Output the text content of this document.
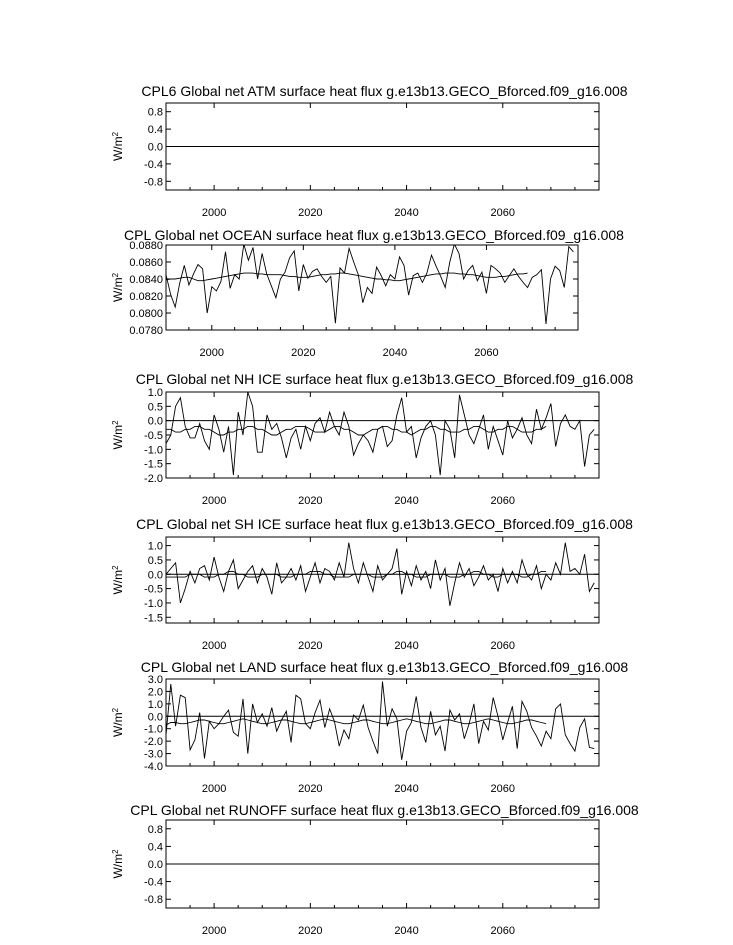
CPL6 Global net ATM surface heat flux g.e13b13.GECO_Bforced.f09_g16.008
0.8
0.4
0.0
-0.4
-0.8
2000	2020	2040	2060
$W/m^2$
CPL Global net OCEAN surface heat flux g.e13b13.GECO_Bforced.f09_g16.008
0.0880
0.0860
0.0840
0.0820
0.0800
0.0780
2000	2020	2040	2060
$W/m^2$
CPL Global net NH ICE surface heat flux g.e13b13.GECO_Bforced.f09_g16.008
1.0
0.5
0.0
-0.5
-1.0
-1.5
-2.0
2000	2020	2040	2060
$W/m^2$
CPL Global net SH ICE surface heat flux g.e13b13.GECO_Bforced.f09_g16.008
1.0
0.5
0.0
-0.5
-1.0
-1.5
2000	2020	2040	2060
$W/m^2$
CPL Global net LAND surface heat flux g.e13b13.GECO_Bforced.f09_g16.008
3.0
2.0
1.0
0.0
-1.0
-2.0
-3.0
-4.0
2000	2020	2040	2060
$W/m^2$
CPL Global net RUNOFF surface heat flux g.e13b13.GECO_Bforced.f09_g16.008
0.8
0.4
0.0
-0.4
-0.8
2000	2020	2040	2060
$W/m^2$
